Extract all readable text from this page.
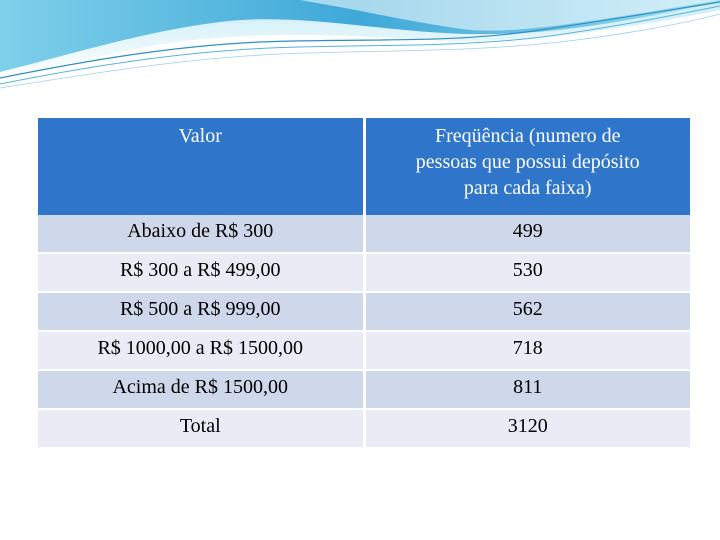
Valor	Freqüência (numero de
pessoas que possui depósito
para cada faixa)

Abaixo de R$ 300	499
R$ 300 a R$ 499,00	530
R$ 500 a R$ 999,00	562
R$ 1000,00 a R$ 1500,00	718
Acima de R$ 1500,00	811
Total	3120
